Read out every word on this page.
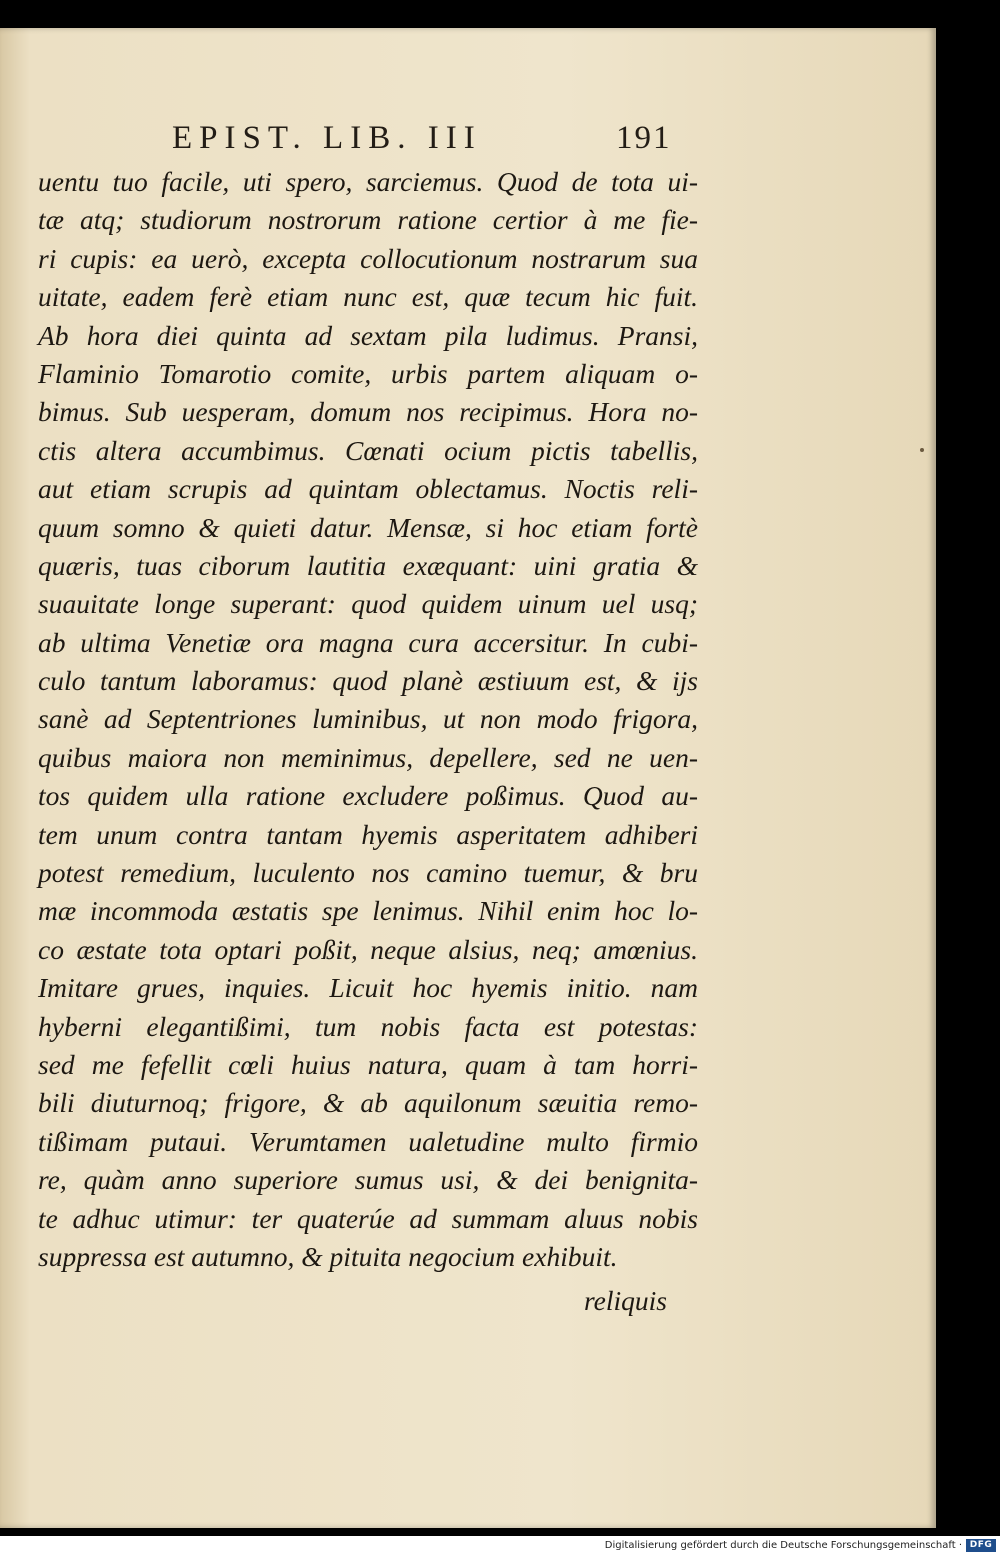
EPIST. LIB. III	191
uentu tuo facile, uti spero, sarciemus. Quod de tota ui-
tæ atq; studiorum nostrorum ratione certior à me fie-
ri cupis: ea uerò, excepta collocutionum nostrarum sua
uitate, eadem ferè etiam nunc est, quæ tecum hic fuit.
Ab hora diei quinta ad sextam pila ludimus. Pransi,
Flaminio Tomarotio comite, urbis partem aliquam o-
bimus. Sub uesperam, domum nos recipimus. Hora no-
ctis altera accumbimus. Cœnati ocium pictis tabellis,
aut etiam scrupis ad quintam oblectamus. Noctis reli-
quum somno & quieti datur. Mensæ, si hoc etiam fortè
quæris, tuas ciborum lautitia exæquant: uini gratia &
suauitate longe superant: quod quidem uinum uel usq;
ab ultima Venetiæ ora magna cura accersitur. In cubi-
culo tantum laboramus: quod planè æstiuum est, & ijs
sanè ad Septentriones luminibus, ut non modo frigora,
quibus maiora non meminimus, depellere, sed ne uen-
tos quidem ulla ratione excludere poßimus. Quod au-
tem unum contra tantam hyemis asperitatem adhiberi
potest remedium, luculento nos camino tuemur, & bru
mæ incommoda æstatis spe lenimus. Nihil enim hoc lo-
co æstate tota optari poßit, neque alsius, neq; amœnius.
Imitare grues, inquies. Licuit hoc hyemis initio. nam
hyberni elegantißimi, tum nobis facta est potestas:
sed me fefellit cœli huius natura, quam à tam horri-
bili diuturnoq; frigore, & ab aquilonum sæuitia remo-
tißimam putaui. Verumtamen ualetudine multo firmio
re, quàm anno superiore sumus usi, & dei benignita-
te adhuc utimur: ter quaterúe ad summam aluus nobis
suppressa est autumno, & pituita negocium exhibuit.
reliquis
Digitalisierung gefördert durch die Deutsche Forschungsgemeinschaft · DFG
